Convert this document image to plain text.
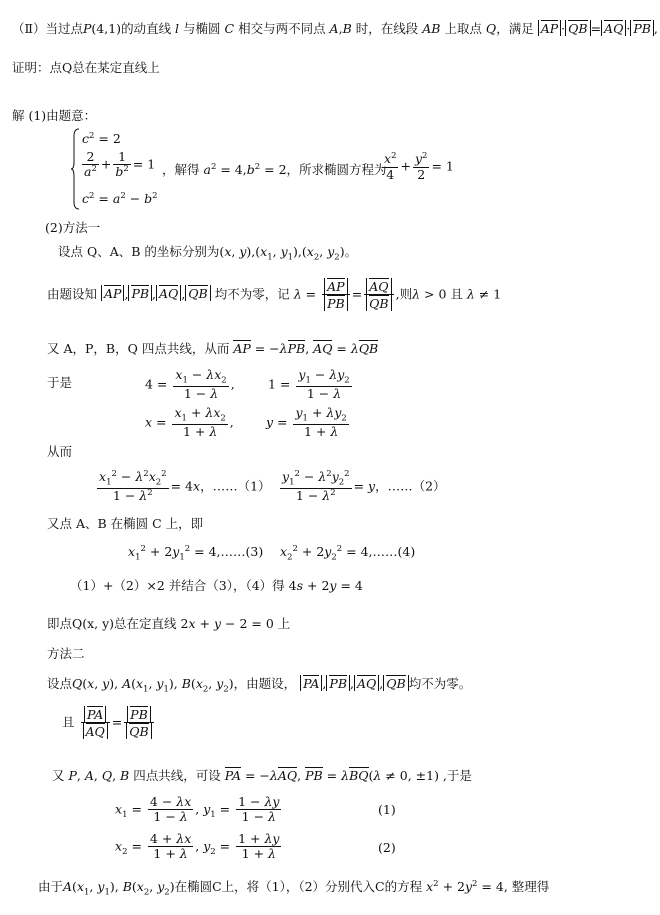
（Ⅱ）当过点P(4,1)的动直线 l 与椭圆 C 相交与两不同点 A,B 时，在线段 AB 上取点 Q，满足 AP · QB = AQ · PB ,
证明：点Q总在某定直线上
解 (1)由题意：
$c^2 = 2$
$\frac{2}{a^2} + \frac{1}{b^2} = 1$
$c^2 = a^2 - b^2$
，解得 $a^2 = 4,b^2 = 2$，所求椭圆方程为
$\frac{x^2}{4} + \frac{y^2}{2} = 1$
(2)方法一
设点 Q、A、B 的坐标分别为(x, $y),(x_1$, $y_1),(x_2$, $y_2$)。
由题设知 AP , PB , AQ , QB 均不为零，记 $\lambda = \frac{AP}{PB} = \frac{AQ}{QB}$ ,则λ > 0 且 λ ≠ 1
又 A，P，B，Q 四点共线，从而 AP = −λPB, AQ = λQB
于是	$4 = \frac{x_1 - \lambda x_2}{1 - \lambda}$ ,	$1 = \frac{y_1 - \lambda y_2}{1 - \lambda}$
$x = \frac{x_1 + \lambda x_2}{1 + \lambda}$ ,	$y = \frac{y_1 + \lambda y_2}{1 + \lambda}$
从而
$\frac{x_1^2 - \lambda^2x_2^2}{1 - \lambda^2} = 4x$，……（1） $\frac{y_1^2 - \lambda^2y_2^2}{1 - \lambda^2} = y$，……（2）
又点 A、B 在椭圆 C 上，即
$x_1^2 + 2y_1^2$ = 4,……(3) $x_2^2 + 2y_2^2$ = 4,……(4)
（1）+（2）×2 并结合（3），（4）得 4s + 2y = 4
即点Q(x, y)总在定直线 2x + y − 2 = 0 上
方法二
设点Q(x, y), $A(x_1$, $y_1$), $B(x_2$, $y_2$)，由题设， PA , PB , AQ , QB 均不为零。
且 $\frac{PA}{AQ} = \frac{PB}{QB}$
又 P, A, Q, B 四点共线，可设 PA = −λAQ, PB = λBQ(λ ≠ 0, ±1) ,于是
$x_1 = \frac{4 - \lambda x}{1 - \lambda}$ , $y_1 = \frac{1 - \lambda y}{1 - \lambda}$	(1)
$x_2 = \frac{4 + \lambda x}{1 + \lambda}$ , $y_2 = \frac{1 + \lambda y}{1 + \lambda}$	(2)
由于$A(x_1$, $y_1$), $B(x_2$, $y_2$)在椭圆C上，将（1），（2）分别代入C的方程 $x^2 + 2y^2 = 4$, 整理得
